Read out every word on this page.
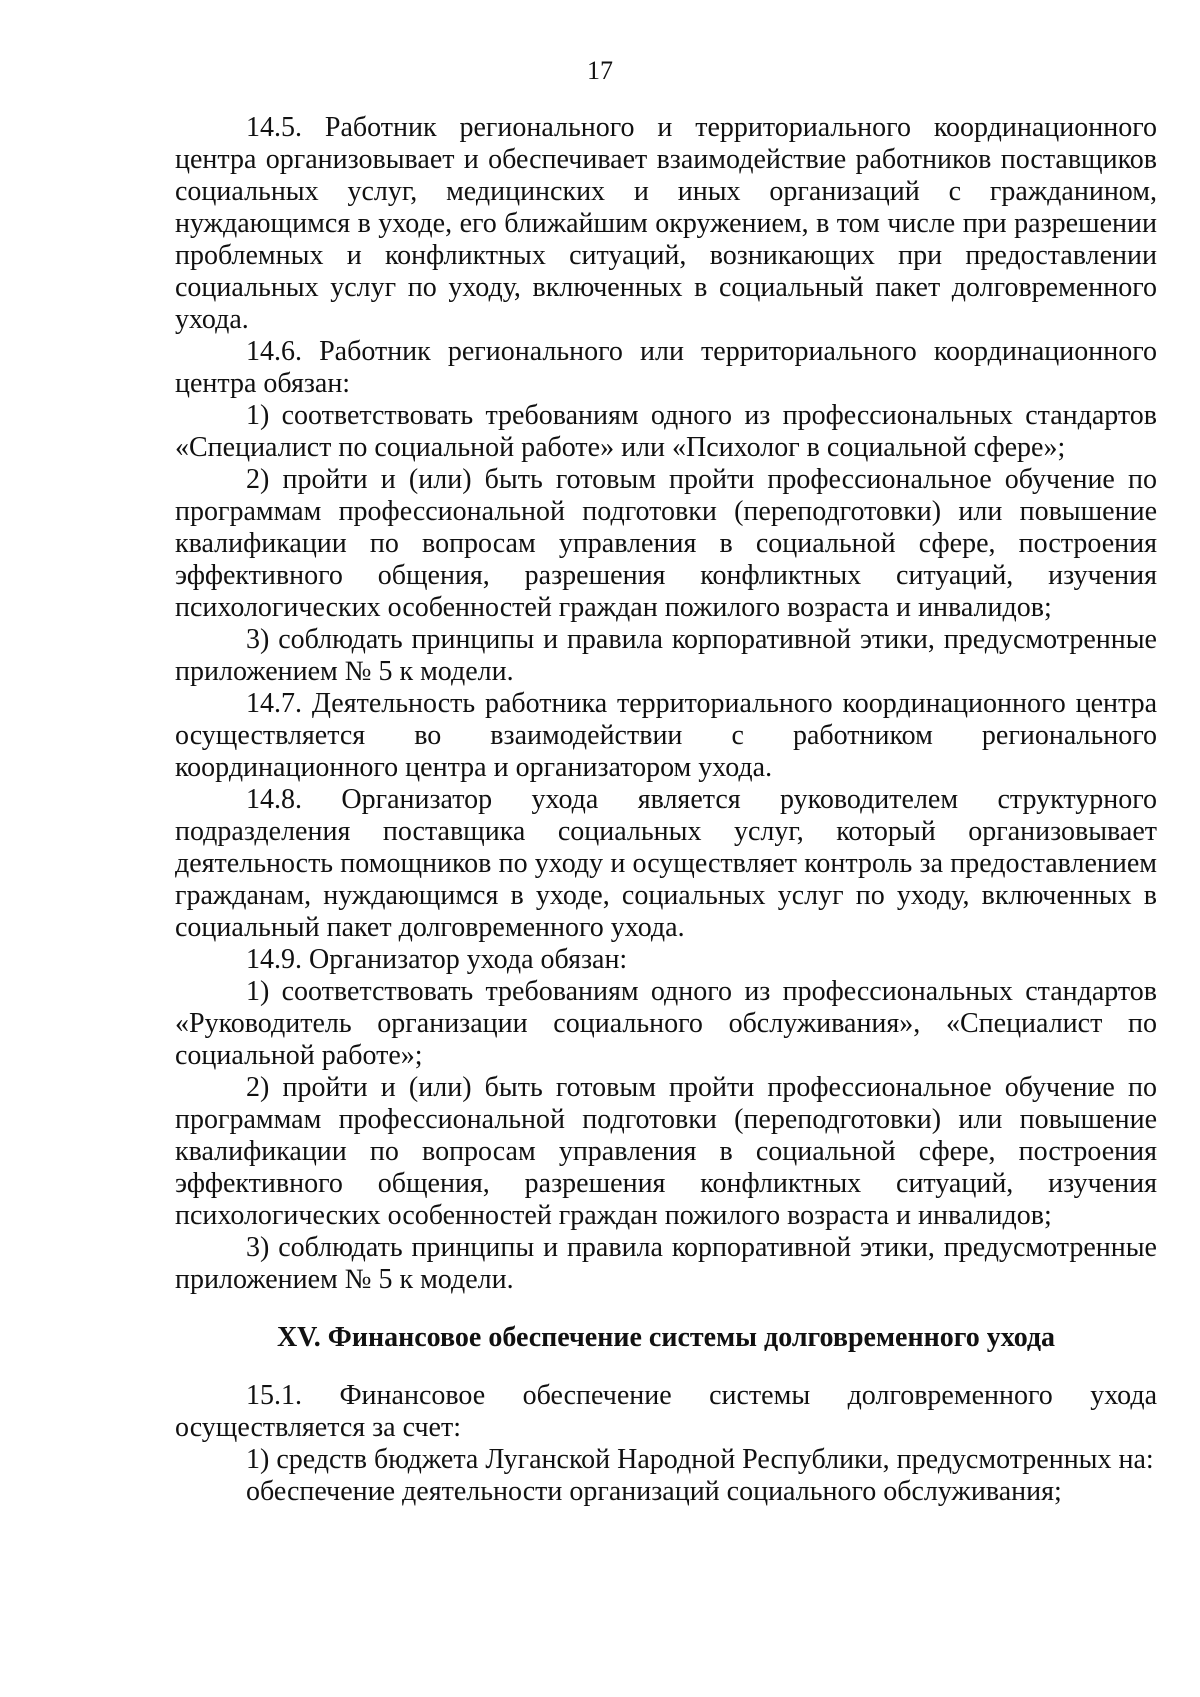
17

14.5. Работник регионального и территориального координационного центра организовывает и обеспечивает взаимодействие работников поставщиков социальных услуг, медицинских и иных организаций с гражданином, нуждающимся в уходе, его ближайшим окружением, в том числе при разрешении проблемных и конфликтных ситуаций, возникающих при предоставлении социальных услуг по уходу, включенных в социальный пакет долговременного ухода.

14.6. Работник регионального или территориального координационного центра обязан:

1) соответствовать требованиям одного из профессиональных стандартов «Специалист по социальной работе» или «Психолог в социальной сфере»;

2) пройти и (или) быть готовым пройти профессиональное обучение по программам профессиональной подготовки (переподготовки) или повышение квалификации по вопросам управления в социальной сфере, построения эффективного общения, разрешения конфликтных ситуаций, изучения психологических особенностей граждан пожилого возраста и инвалидов;

3) соблюдать принципы и правила корпоративной этики, предусмотренные приложением № 5 к модели.

14.7. Деятельность работника территориального координационного центра осуществляется во взаимодействии с работником регионального координационного центра и организатором ухода.

14.8. Организатор ухода является руководителем структурного подразделения поставщика социальных услуг, который организовывает деятельность помощников по уходу и осуществляет контроль за предоставлением гражданам, нуждающимся в уходе, социальных услуг по уходу, включенных в социальный пакет долговременного ухода.

14.9. Организатор ухода обязан:

1) соответствовать требованиям одного из профессиональных стандартов «Руководитель организации социального обслуживания», «Специалист по социальной работе»;

2) пройти и (или) быть готовым пройти профессиональное обучение по программам профессиональной подготовки (переподготовки) или повышение квалификации по вопросам управления в социальной сфере, построения эффективного общения, разрешения конфликтных ситуаций, изучения психологических особенностей граждан пожилого возраста и инвалидов;

3) соблюдать принципы и правила корпоративной этики, предусмотренные приложением № 5 к модели.

XV. Финансовое обеспечение системы долговременного ухода

15.1. Финансовое обеспечение системы долговременного ухода осуществляется за счет:

1) средств бюджета Луганской Народной Республики, предусмотренных на:

обеспечение деятельности организаций социального обслуживания;
